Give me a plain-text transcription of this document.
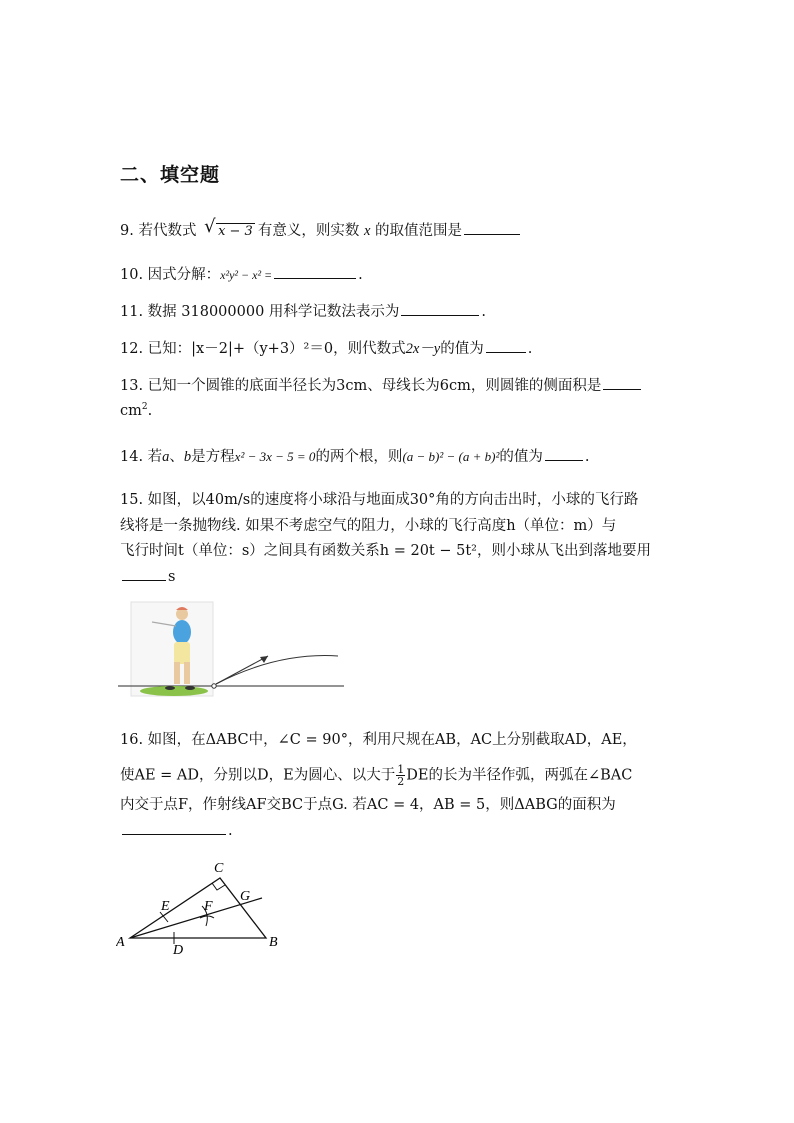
二、填空题
9. 若代数式 √ x − 3 有意义，则实数 x 的取值范围是
10. 因式分解：x²y² − x² =	.
11. 数据 318000000 用科学记数法表示为	.
12. 已知：|x－2|+（y+3）²＝0，则代数式2x－y的值为	.
13. 已知一个圆锥的底面半径长为3cm、母线长为6cm，则圆锥的侧面积是
$cm^2$.
14. 若a、b是方程x² − 3x − 5 = 0的两个根，则(a − b)² − (a + b)²的值为	.
15. 如图，以40m/s的速度将小球沿与地面成30°角的方向击出时，小球的飞行路
线将是一条抛物线. 如果不考虑空气的阻力，小球的飞行高度h（单位：m）与
飞行时间t（单位：s）之间具有函数关系h = 20t − 5t²，则小球从飞出到落地要用
s
16. 如图，在ΔABC中，∠C = 90°，利用尺规在AB，AC上分别截取AD，AE，
使AE = AD，分别以D，E为圆心、以大于 $\frac{1}{2}$ DE的长为半径作弧，两弧在∠BAC
内交于点F，作射线AF交BC于点G. 若AC = 4，AB = 5，则ΔABG的面积为
.
C
A	B
E
D
F
G
